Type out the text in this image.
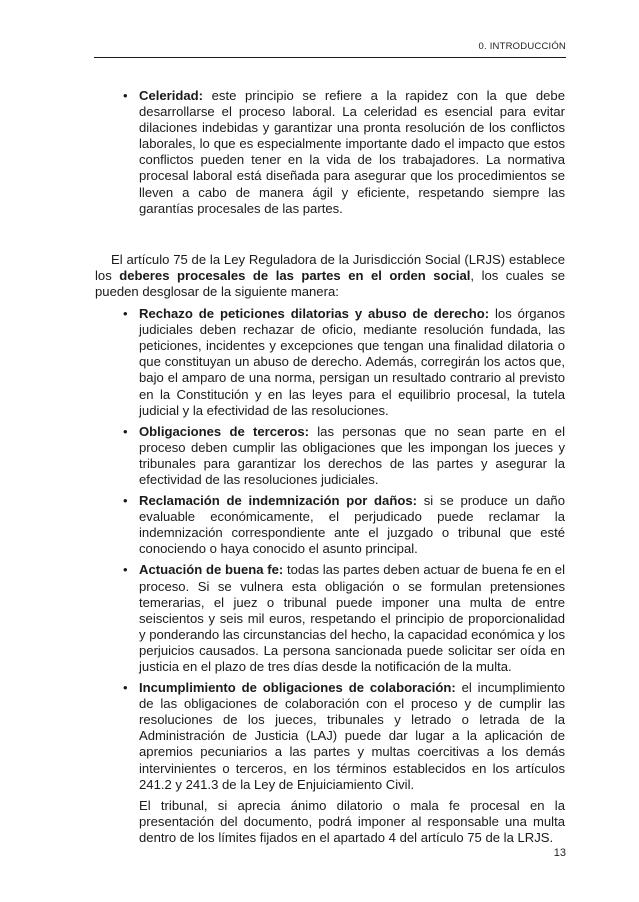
0. INTRODUCCIÓN
• Celeridad: este principio se refiere a la rapidez con la que debe desarrollarse el proceso laboral. La celeridad es esencial para evitar dilaciones indebidas y garantizar una pronta resolución de los conflictos laborales, lo que es especialmente importante dado el impacto que estos conflictos pueden tener en la vida de los trabajadores. La normativa procesal laboral está diseñada para asegurar que los procedimientos se lleven a cabo de manera ágil y eficiente, respetando siempre las garantías procesales de las partes.

El artículo 75 de la Ley Reguladora de la Jurisdicción Social (LRJS) establece los deberes procesales de las partes en el orden social, los cuales se pueden desglosar de la siguiente manera:

• Rechazo de peticiones dilatorias y abuso de derecho: los órganos judiciales deben rechazar de oficio, mediante resolución fundada, las peticiones, incidentes y excepciones que tengan una finalidad dilatoria o que constituyan un abuso de derecho. Además, corregirán los actos que, bajo el amparo de una norma, persigan un resultado contrario al previsto en la Constitución y en las leyes para el equilibrio procesal, la tutela judicial y la efectividad de las resoluciones.
• Obligaciones de terceros: las personas que no sean parte en el proceso deben cumplir las obligaciones que les impongan los jueces y tribunales para garantizar los derechos de las partes y asegurar la efectividad de las resoluciones judiciales.
• Reclamación de indemnización por daños: si se produce un daño evaluable económicamente, el perjudicado puede reclamar la indemnización correspondiente ante el juzgado o tribunal que esté conociendo o haya conocido el asunto principal.
• Actuación de buena fe: todas las partes deben actuar de buena fe en el proceso. Si se vulnera esta obligación o se formulan pretensiones temerarias, el juez o tribunal puede imponer una multa de entre seiscientos y seis mil euros, respetando el principio de proporcionalidad y ponderando las circunstancias del hecho, la capacidad económica y los perjuicios causados. La persona sancionada puede solicitar ser oída en justicia en el plazo de tres días desde la notificación de la multa.
• Incumplimiento de obligaciones de colaboración: el incumplimiento de las obligaciones de colaboración con el proceso y de cumplir las resoluciones de los jueces, tribunales y letrado o letrada de la Administración de Justicia (LAJ) puede dar lugar a la aplicación de apremios pecuniarios a las partes y multas coercitivas a los demás intervinientes o terceros, en los términos establecidos en los artículos 241.2 y 241.3 de la Ley de Enjuiciamiento Civil.

El tribunal, si aprecia ánimo dilatorio o mala fe procesal en la presentación del documento, podrá imponer al responsable una multa dentro de los límites fijados en el apartado 4 del artículo 75 de la LRJS.

13
